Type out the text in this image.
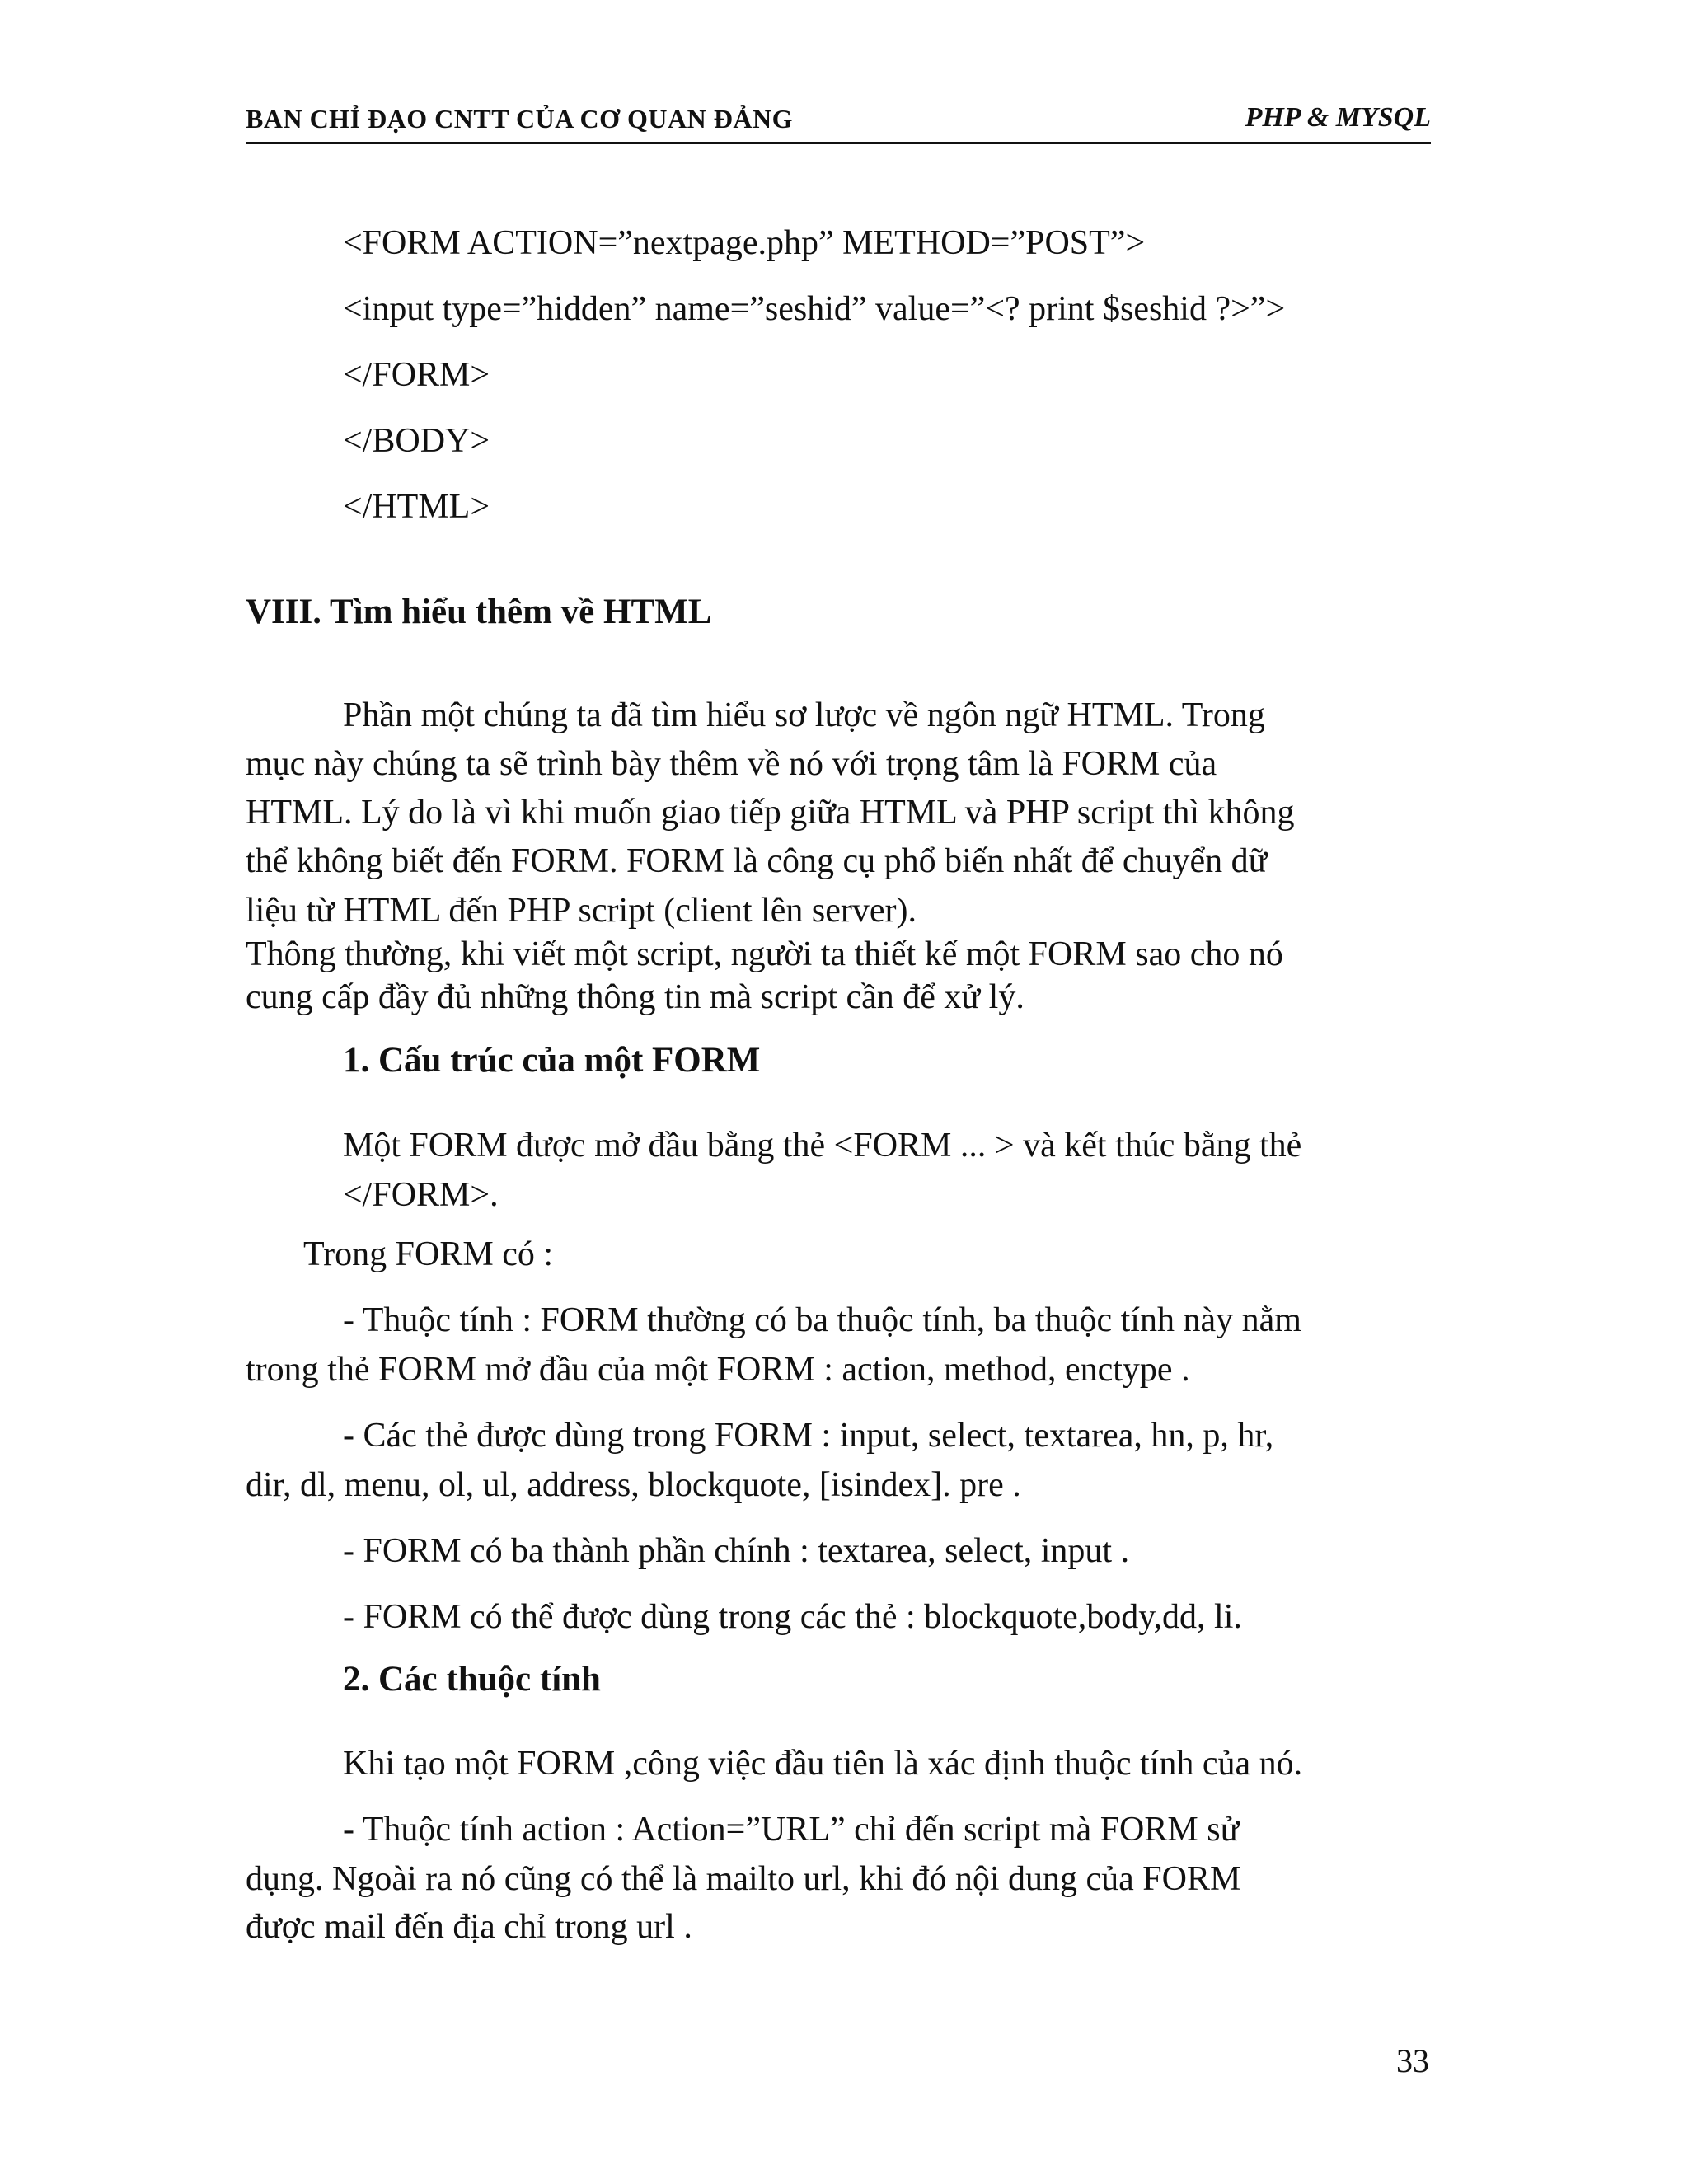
BAN CHỈ ĐẠO CNTT CỦA CƠ QUAN ĐẢNG	PHP & MYSQL
<FORM ACTION=”nextpage.php” METHOD=”POST”>
<input type=”hidden” name=”seshid” value=”<? print $seshid ?>”>
</FORM>
</BODY>
</HTML>
VIII. Tìm hiểu thêm về HTML
Phần một chúng ta đã tìm hiểu sơ lược về ngôn ngữ HTML. Trong
mục này chúng ta sẽ trình bày thêm về nó với trọng tâm là FORM của
HTML. Lý do là vì khi muốn giao tiếp giữa HTML và PHP script thì không
thể không biết đến FORM. FORM là công cụ phổ biến nhất để chuyển dữ
liệu từ HTML đến PHP script (client lên server).
Thông thường, khi viết một script, người ta thiết kế một FORM sao cho nó
cung cấp đầy đủ những thông tin mà script cần để xử lý.
1. Cấu trúc của một FORM
Một FORM được mở đầu bằng thẻ <FORM ... > và kết thúc bằng thẻ
</FORM>.
Trong FORM có :
- Thuộc tính : FORM thường có ba thuộc tính, ba thuộc tính này nằm
trong thẻ FORM mở đầu của một FORM : action, method, enctype .
- Các thẻ được dùng trong FORM : input, select, textarea, hn, p, hr,
dir, dl, menu, ol, ul, address, blockquote, [isindex]. pre .
- FORM có ba thành phần chính : textarea, select, input .
- FORM có thể được dùng trong các thẻ : blockquote,body,dd, li.
2. Các thuộc tính
Khi tạo một FORM ,công việc đầu tiên là xác định thuộc tính của nó.
- Thuộc tính action : Action=”URL” chỉ đến script mà FORM sử
dụng. Ngoài ra nó cũng có thể là mailto url, khi đó nội dung của FORM
được mail đến địa chỉ trong url .
33
